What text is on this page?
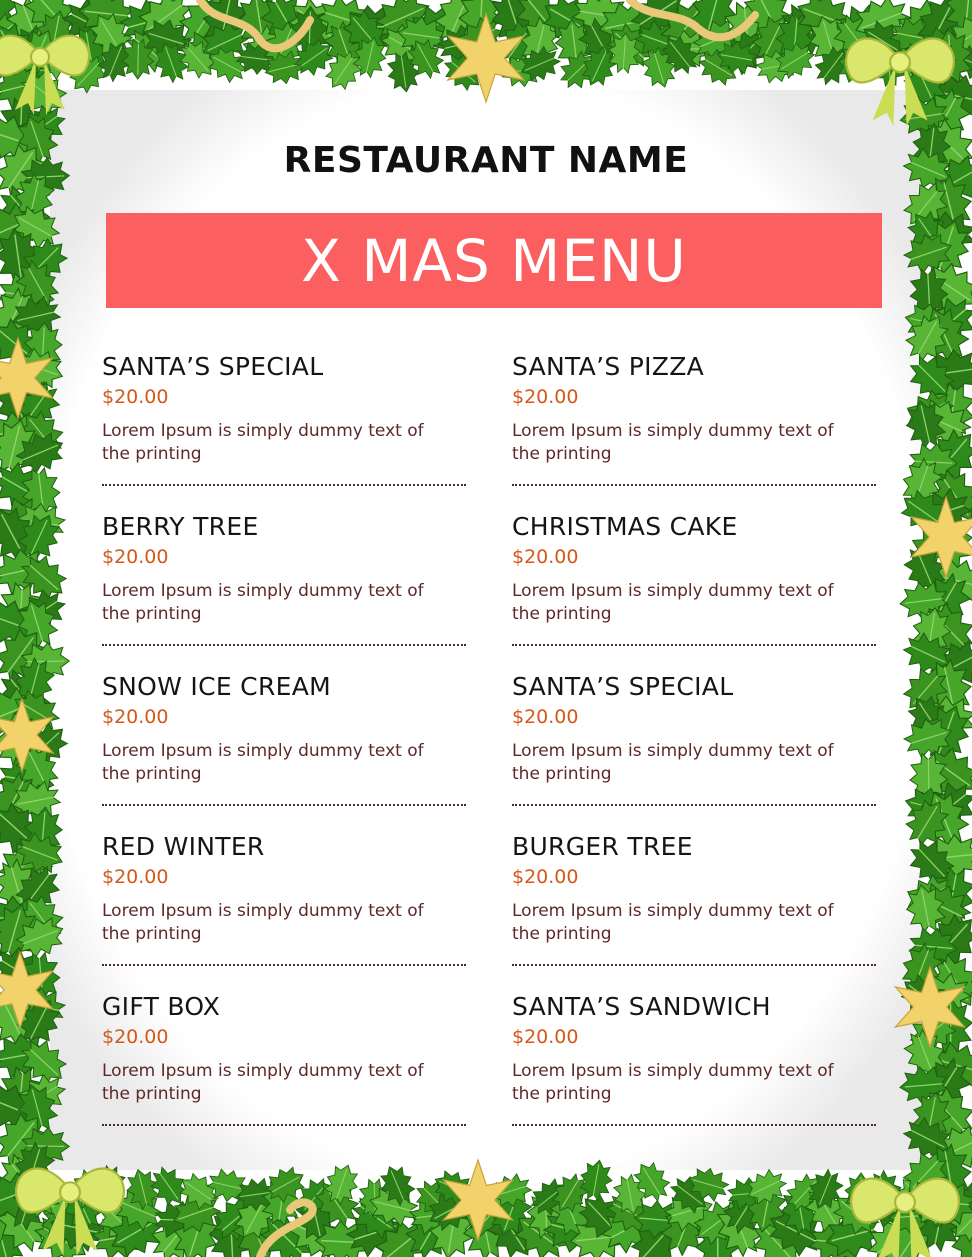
RESTAURANT NAME
X MAS MENU
SANTA’S SPECIAL
$20.00
Lorem Ipsum is simply dummy text of the printing
BERRY TREE
$20.00
Lorem Ipsum is simply dummy text of the printing
SNOW ICE CREAM
$20.00
Lorem Ipsum is simply dummy text of the printing
RED WINTER
$20.00
Lorem Ipsum is simply dummy text of the printing
GIFT BOX
$20.00
Lorem Ipsum is simply dummy text of the printing
SANTA’S PIZZA
$20.00
Lorem Ipsum is simply dummy text of the printing
CHRISTMAS CAKE
$20.00
Lorem Ipsum is simply dummy text of the printing
SANTA’S SPECIAL
$20.00
Lorem Ipsum is simply dummy text of the printing
BURGER TREE
$20.00
Lorem Ipsum is simply dummy text of the printing
SANTA’S SANDWICH
$20.00
Lorem Ipsum is simply dummy text of the printing
